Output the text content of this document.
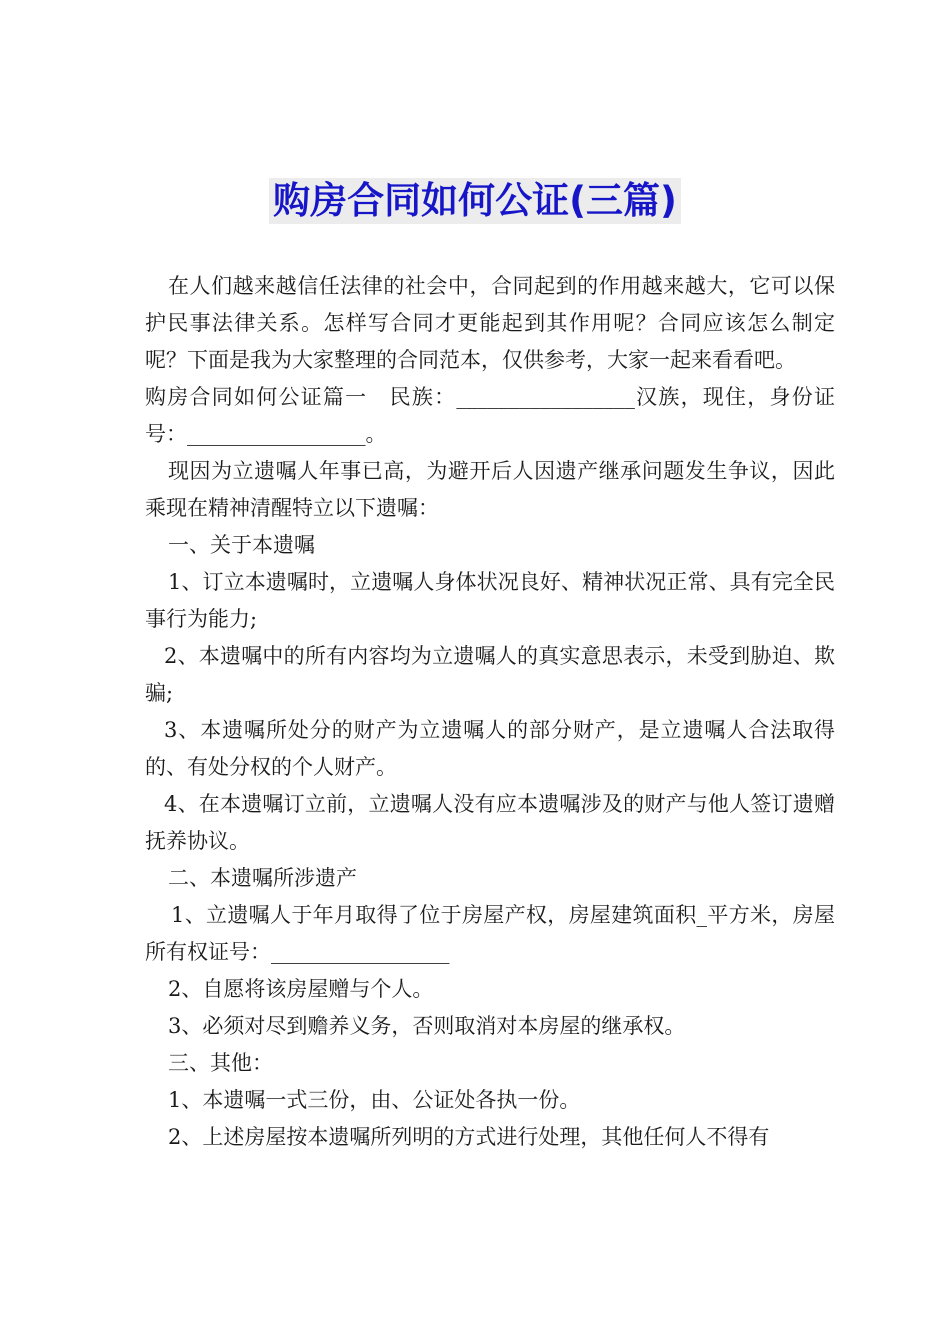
购房合同如何公证(三篇)

在人们越来越信任法律的社会中，合同起到的作用越来越大，它可以保护民事法律关系。怎样写合同才更能起到其作用呢？合同应该怎么制定呢？下面是我为大家整理的合同范本，仅供参考，大家一起来看看吧。

购房合同如何公证篇一　民族：_________________汉族，现住，身份证号：_________________。

现因为立遗嘱人年事已高，为避开后人因遗产继承问题发生争议，因此乘现在精神清醒特立以下遗嘱：

一、关于本遗嘱

1、订立本遗嘱时，立遗嘱人身体状况良好、精神状况正常、具有完全民事行为能力;

2、本遗嘱中的所有内容均为立遗嘱人的真实意思表示，未受到胁迫、欺骗;

3、本遗嘱所处分的财产为立遗嘱人的部分财产，是立遗嘱人合法取得的、有处分权的个人财产。

4、在本遗嘱订立前，立遗嘱人没有应本遗嘱涉及的财产与他人签订遗赠抚养协议。

二、本遗嘱所涉遗产

1、立遗嘱人于年月取得了位于房屋产权，房屋建筑面积_平方米，房屋所有权证号：_________________

2、自愿将该房屋赠与个人。

3、必须对尽到赡养义务，否则取消对本房屋的继承权。

三、其他：

1、本遗嘱一式三份，由、公证处各执一份。

2、上述房屋按本遗嘱所列明的方式进行处理，其他任何人不得有
